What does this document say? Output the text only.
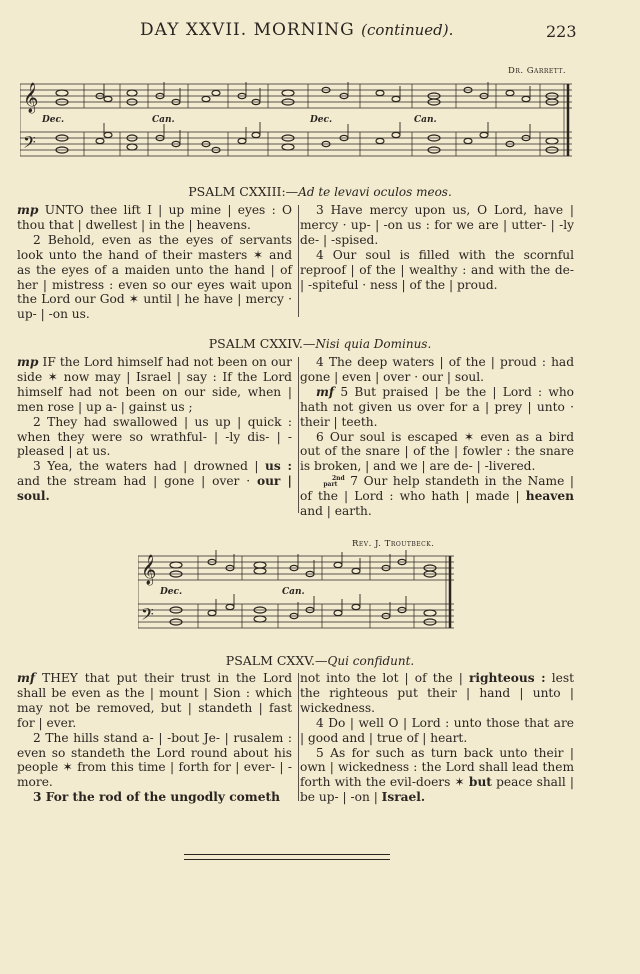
DAY XXVII. MORNING (continued).	223
Dr. Garrett.
𝄞
𝄢
Dec.	Can.	Dec.	Can.
PSALM CXXIII:—Ad te levavi oculos meos.

mp UNTO thee lift I | up mine | eyes : O thou that | dwellest | in the | heavens.

2 Behold, even as the eyes of servants look unto the hand of their masters ✶ and as the eyes of a maiden unto the hand | of her | mistress : even so our eyes wait upon the Lord our God ✶ until | he have | mercy · up- | -on us.

3 Have mercy upon us, O Lord, have | mercy · up- | -on us : for we are | utter- | -ly de- | -spised.

4 Our soul is filled with the scornful reproof | of the | wealthy : and with the de- | -spiteful · ness | of the | proud.

PSALM CXXIV.—Nisi quia Dominus.

mp IF the Lord himself had not been on our side ✶ now may | Israel | say : If the Lord himself had not been on our side, when | men rose | up a- | gainst us ;

2 They had swallowed | us up | quick : when they were so wrathful- | -ly dis- | -pleased | at us.

3 Yea, the waters had | drowned | us : and the stream had | gone | over · our | soul.

4 The deep waters | of the | proud : had gone | even | over · our | soul.

mf 5 But praised | be the | Lord : who hath not given us over for a | prey | unto · their | teeth.

6 Our soul is escaped ✶ even as a bird out of the snare | of the | fowler : the snare is broken, | and we | are de- | -livered.

2nd
part 7 Our help standeth in the Name | of the | Lord : who hath | made | heaven and | earth.

Rev. J. Troutbeck.
𝄞
𝄢
Dec.	Can.
PSALM CXXV.—Qui confidunt.

mf THEY that put their trust in the Lord shall be even as the | mount | Sion : which may not be removed, but | standeth | fast for | ever.

2 The hills stand a- | -bout Je- | rusalem : even so standeth the Lord round about his people ✶ from this time | forth for | ever- | -more.

3 For the rod of the ungodly cometh

not into the lot | of the | righteous : lest the righteous put their | hand | unto | wickedness.

4 Do | well O | Lord : unto those that are | good and | true of | heart.

5 As for such as turn back unto their | own | wickedness : the Lord shall lead them forth with the evil-doers ✶ but peace shall | be up- | -on | Israel.
